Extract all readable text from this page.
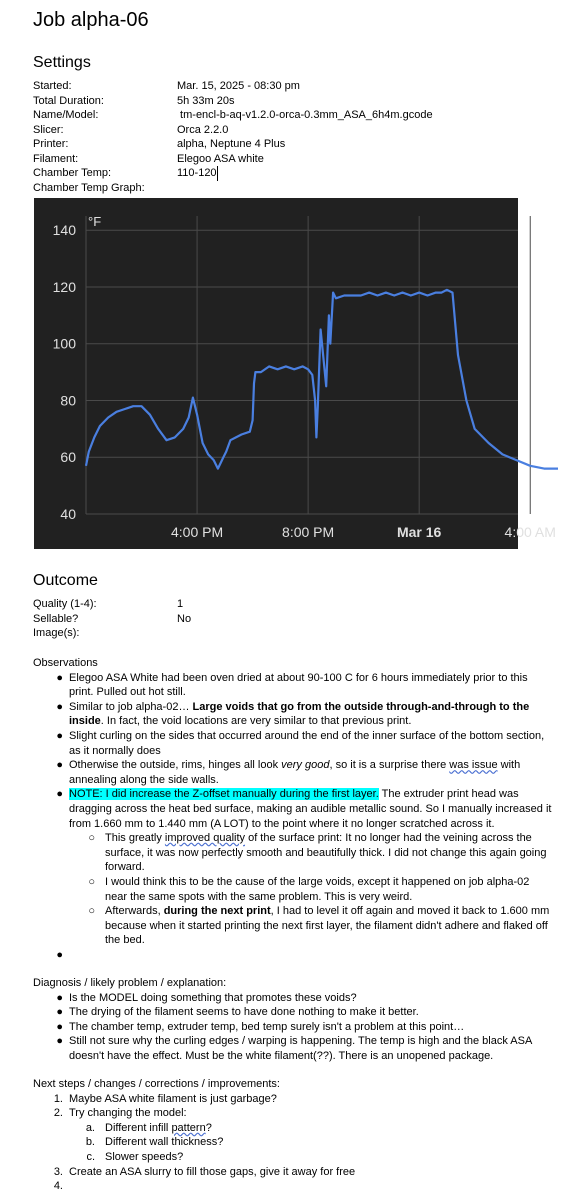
Job alpha-06
Settings
Started:	Mar. 15, 2025 - 08:30 pm
Total Duration:	5h 33m 20s
Name/Model:	tm-encl-b-aq-v1.2.0-orca-0.3mm_ASA_6h4m.gcode
Slicer:	Orca 2.2.0
Printer:	alpha, Neptune 4 Plus
Filament:	Elegoo ASA white
Chamber Temp:	110-120
Chamber Temp Graph:
40
60
80
100
120
140
4:00 PM	8:00 PM	Mar 16	4:00 AM
°F
Outcome
Quality (1-4):	1
Sellable?	No
Image(s):
Observations
● Elegoo ASA White had been oven dried at about 90-100 C for 6 hours immediately prior to this print. Pulled out hot still.
● Similar to job alpha-02… Large voids that go from the outside through-and-through to the inside. In fact, the void locations are very similar to that previous print.
● Slight curling on the sides that occurred around the end of the inner surface of the bottom section, as it normally does
● Otherwise the outside, rims, hinges all look very good, so it is a surprise there was issue with annealing along the side walls.
● NOTE: I did increase the Z-offset manually during the first layer. The extruder print head was dragging across the heat bed surface, making an audible metallic sound. So I manually increased it from 1.660 mm to 1.440 mm (A LOT) to the point where it no longer scratched across it.
○ This greatly improved quality of the surface print: It no longer had the veining across the surface, it was now perfectly smooth and beautifully thick. I did not change this again going forward.
○ I would think this to be the cause of the large voids, except it happened on job alpha-02 near the same spots with the same problem. This is very weird.
○ Afterwards, during the next print, I had to level it off again and moved it back to 1.600 mm because when it started printing the next first layer, the filament didn't adhere and flaked off the bed.
●

Diagnosis / likely problem / explanation:
● Is the MODEL doing something that promotes these voids?
● The drying of the filament seems to have done nothing to make it better.
● The chamber temp, extruder temp, bed temp surely isn't a problem at this point…
● Still not sure why the curling edges / warping is happening. The temp is high and the black ASA doesn't have the effect. Must be the white filament(??). There is an unopened package.
Next steps / changes / corrections / improvements:
1. Maybe ASA white filament is just garbage?
2. Try changing the model:
a. Different infill pattern?
b. Different wall thickness?
c. Slower speeds?
3. Create an ASA slurry to fill those gaps, give it away for free
4.
